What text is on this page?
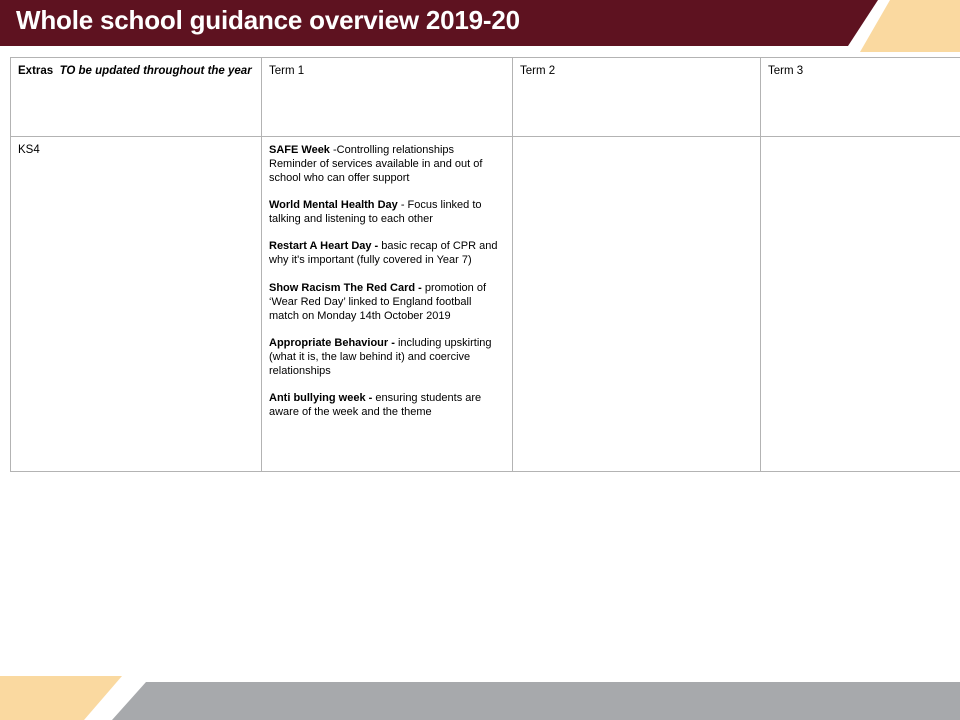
Whole school guidance overview 2019-20
Extras TO be updated throughout the year	Term 1	Term 2	Term 3

KS4	SAFE Week -Controlling relationships Reminder of services available in and out of school who can offer support

World Mental Health Day - Focus linked to talking and listening to each other

Restart A Heart Day - basic recap of CPR and why it's important (fully covered in Year 7)

Show Racism The Red Card - promotion of ‘Wear Red Day’ linked to England football match on Monday 14th October 2019

Appropriate Behaviour - including upskirting (what it is, the law behind it) and coercive relationships

Anti bullying week - ensuring students are aware of the week and the theme
